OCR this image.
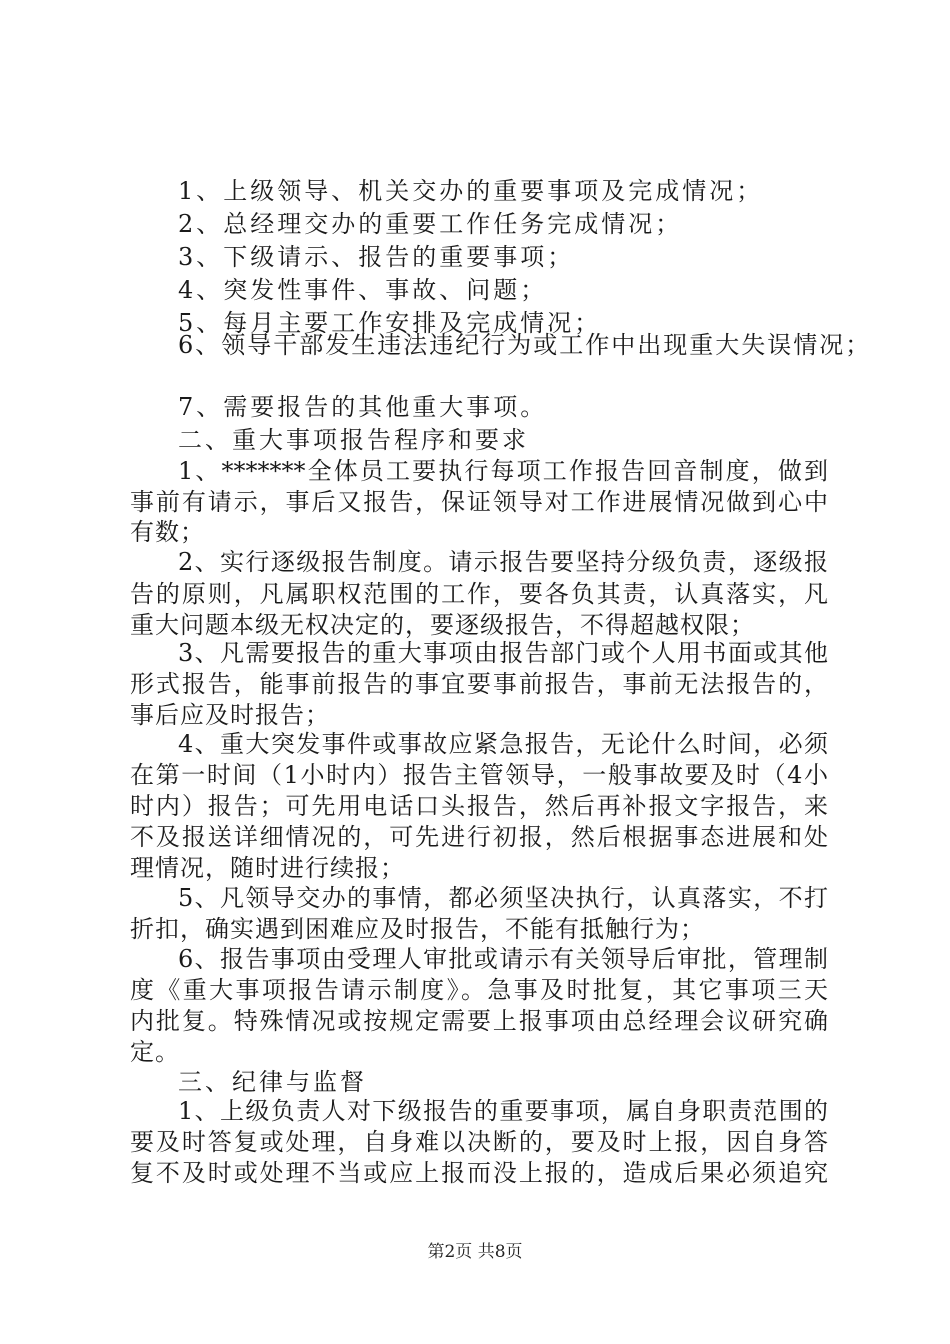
1、上级领导、机关交办的重要事项及完成情况；

2、总经理交办的重要工作任务完成情况；

3、下级请示、报告的重要事项；

4、突发性事件、事故、问题；

5、每月主要工作安排及完成情况；

6、领导干部发生违法违纪行为或工作中出现重大失误情况；

7、需要报告的其他重大事项。

二、重大事项报告程序和要求

1、*******全体员工要执行每项工作报告回音制度，做到

事前有请示，事后又报告，保证领导对工作进展情况做到心中

有数；

2、实行逐级报告制度。请示报告要坚持分级负责，逐级报

告的原则，凡属职权范围的工作，要各负其责，认真落实，凡

重大问题本级无权决定的，要逐级报告，不得超越权限；

3、凡需要报告的重大事项由报告部门或个人用书面或其他

形式报告，能事前报告的事宜要事前报告，事前无法报告的，

事后应及时报告；

4、重大突发事件或事故应紧急报告，无论什么时间，必须

在第一时间（1小时内）报告主管领导，一般事故要及时（4小

时内）报告；可先用电话口头报告，然后再补报文字报告，来

不及报送详细情况的，可先进行初报，然后根据事态进展和处

理情况，随时进行续报；

5、凡领导交办的事情，都必须坚决执行，认真落实，不打

折扣，确实遇到困难应及时报告，不能有抵触行为；

6、报告事项由受理人审批或请示有关领导后审批，管理制

度《重大事项报告请示制度》。急事及时批复，其它事项三天

内批复。特殊情况或按规定需要上报事项由总经理会议研究确

定。

三、纪律与监督

1、上级负责人对下级报告的重要事项，属自身职责范围的

要及时答复或处理，自身难以决断的，要及时上报，因自身答

复不及时或处理不当或应上报而没上报的，造成后果必须追究

第2页 共8页
